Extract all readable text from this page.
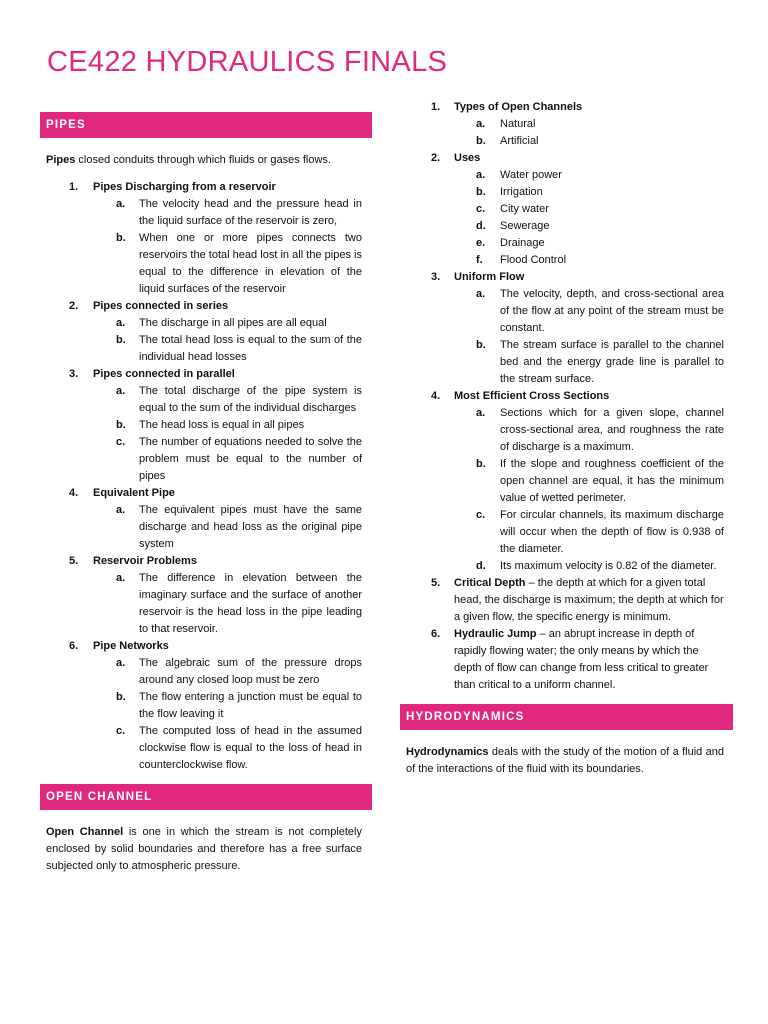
CE422 HYDRAULICS FINALS
PIPES

Pipes closed conduits through which fluids or gases flows.

1. Pipes Discharging from a reservoir
a. The velocity head and the pressure head in the liquid surface of the reservoir is zero,
b. When one or more pipes connects two reservoirs the total head lost in all the pipes is equal to the difference in elevation of the liquid surfaces of the reservoir
2. Pipes connected in series
a. The discharge in all pipes are all equal
b. The total head loss is equal to the sum of the individual head losses
3. Pipes connected in parallel
a. The total discharge of the pipe system is equal to the sum of the individual discharges
b. The head loss is equal in all pipes
c. The number of equations needed to solve the problem must be equal to the number of pipes
4. Equivalent Pipe
a. The equivalent pipes must have the same discharge and head loss as the original pipe system
5. Reservoir Problems
a. The difference in elevation between the imaginary surface and the surface of another reservoir is the head loss in the pipe leading to that reservoir.
6. Pipe Networks
a. The algebraic sum of the pressure drops around any closed loop must be zero
b. The flow entering a junction must be equal to the flow leaving it
c. The computed loss of head in the assumed clockwise flow is equal to the loss of head in counterclockwise flow.
OPEN CHANNEL

Open Channel is one in which the stream is not completely enclosed by solid boundaries and therefore has a free surface subjected only to atmospheric pressure.

1. Types of Open Channels
a. Natural
b. Artificial
2. Uses
a. Water power
b. Irrigation
c. City water
d. Sewerage
e. Drainage
f. Flood Control
3. Uniform Flow
a. The velocity, depth, and cross-sectional area of the flow at any point of the stream must be constant.
b. The stream surface is parallel to the channel bed and the energy grade line is parallel to the stream surface.
4. Most Efficient Cross Sections
a. Sections which for a given slope, channel cross-sectional area, and roughness the rate of discharge is a maximum.
b. If the slope and roughness coefficient of the open channel are equal, it has the minimum value of wetted perimeter.
c. For circular channels, its maximum discharge will occur when the depth of flow is 0.938 of the diameter.
d. Its maximum velocity is 0.82 of the diameter.
5. Critical Depth – the depth at which for a given total head, the discharge is maximum; the depth at which for a given flow, the specific energy is minimum.
6. Hydraulic Jump – an abrupt increase in depth of rapidly flowing water; the only means by which the depth of flow can change from less critical to greater than critical to a uniform channel.
HYDRODYNAMICS

Hydrodynamics deals with the study of the motion of a fluid and of the interactions of the fluid with its boundaries.
